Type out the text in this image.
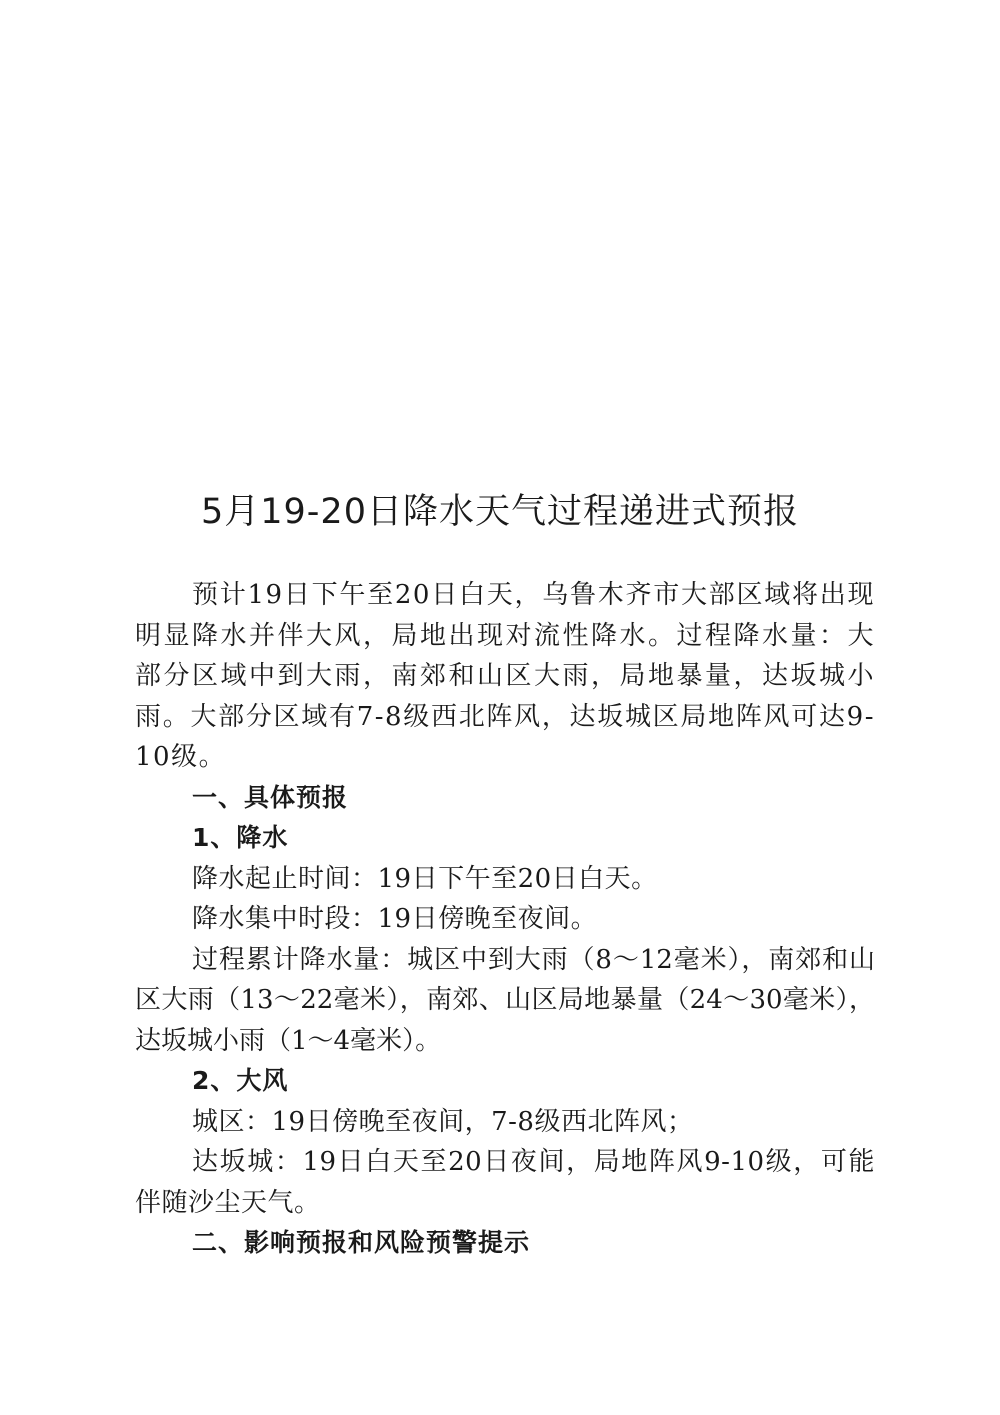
5月19-20日降水天气过程递进式预报

预计19日下午至20日白天，乌鲁木齐市大部区域将出现明显降水并伴大风，局地出现对流性降水。过程降水量：大部分区域中到大雨，南郊和山区大雨，局地暴量，达坂城小雨。大部分区域有7-8级西北阵风，达坂城区局地阵风可达9-10级。

一、具体预报

1、降水

降水起止时间：19日下午至20日白天。

降水集中时段：19日傍晚至夜间。

过程累计降水量：城区中到大雨（8～12毫米），南郊和山区大雨（13～22毫米），南郊、山区局地暴量（24～30毫米），达坂城小雨（1～4毫米）。

2、大风

城区：19日傍晚至夜间，7-8级西北阵风；

达坂城：19日白天至20日夜间，局地阵风9-10级，可能伴随沙尘天气。

二、影响预报和风险预警提示
